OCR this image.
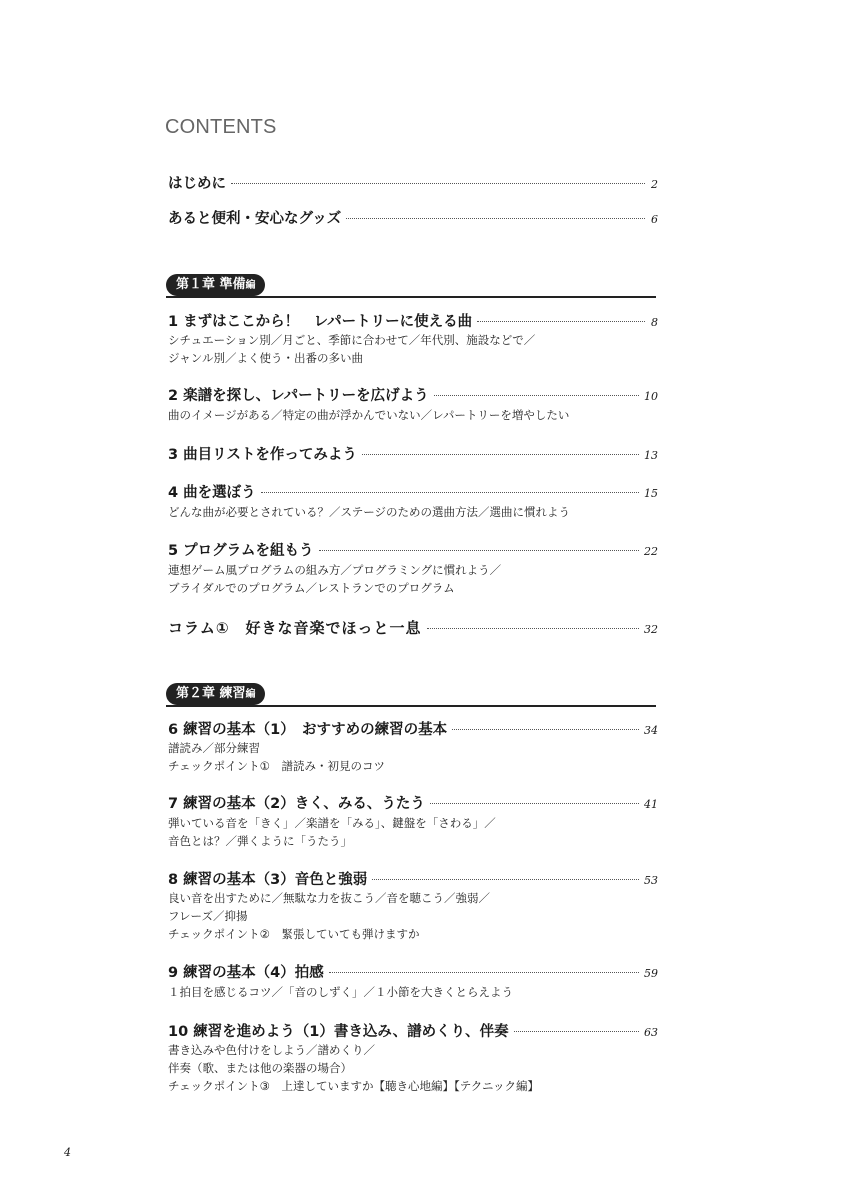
CONTENTS
はじめに	2
あると便利・安心なグッズ	6
第１章 準備編
1 まずはここから！　レパートリーに使える曲	8
シチュエーション別／月ごと、季節に合わせて／年代別、施設などで／
ジャンル別／よく使う・出番の多い曲
2 楽譜を探し、レパートリーを広げよう	10
曲のイメージがある／特定の曲が浮かんでいない／レパートリーを増やしたい
3 曲目リストを作ってみよう	13
4 曲を選ぼう	15
どんな曲が必要とされている？／ステージのための選曲方法／選曲に慣れよう
5 プログラムを組もう	22
連想ゲーム風プログラムの組み方／プログラミングに慣れよう／
ブライダルでのプログラム／レストランでのプログラム
コラム①　好きな音楽でほっと一息	32
第２章 練習編
6 練習の基本（1）　おすすめの練習の基本	34
譜読み／部分練習
チェックポイント①　譜読み・初見のコツ
7 練習の基本（2）きく、みる、うたう	41
弾いている音を「きく」／楽譜を「みる」、鍵盤を「さわる」／
音色とは？／弾くように「うたう」
8 練習の基本（3）音色と強弱	53
良い音を出すために／無駄な力を抜こう／音を聴こう／強弱／
フレーズ／抑揚
チェックポイント②　緊張していても弾けますか
9 練習の基本（4）拍感	59
１拍目を感じるコツ／「音のしずく」／１小節を大きくとらえよう
10 練習を進めよう（1）書き込み、譜めくり、伴奏	63
書き込みや色付けをしよう／譜めくり／
伴奏（歌、または他の楽器の場合）
チェックポイント③　上達していますか【聴き心地編】【テクニック編】
4
